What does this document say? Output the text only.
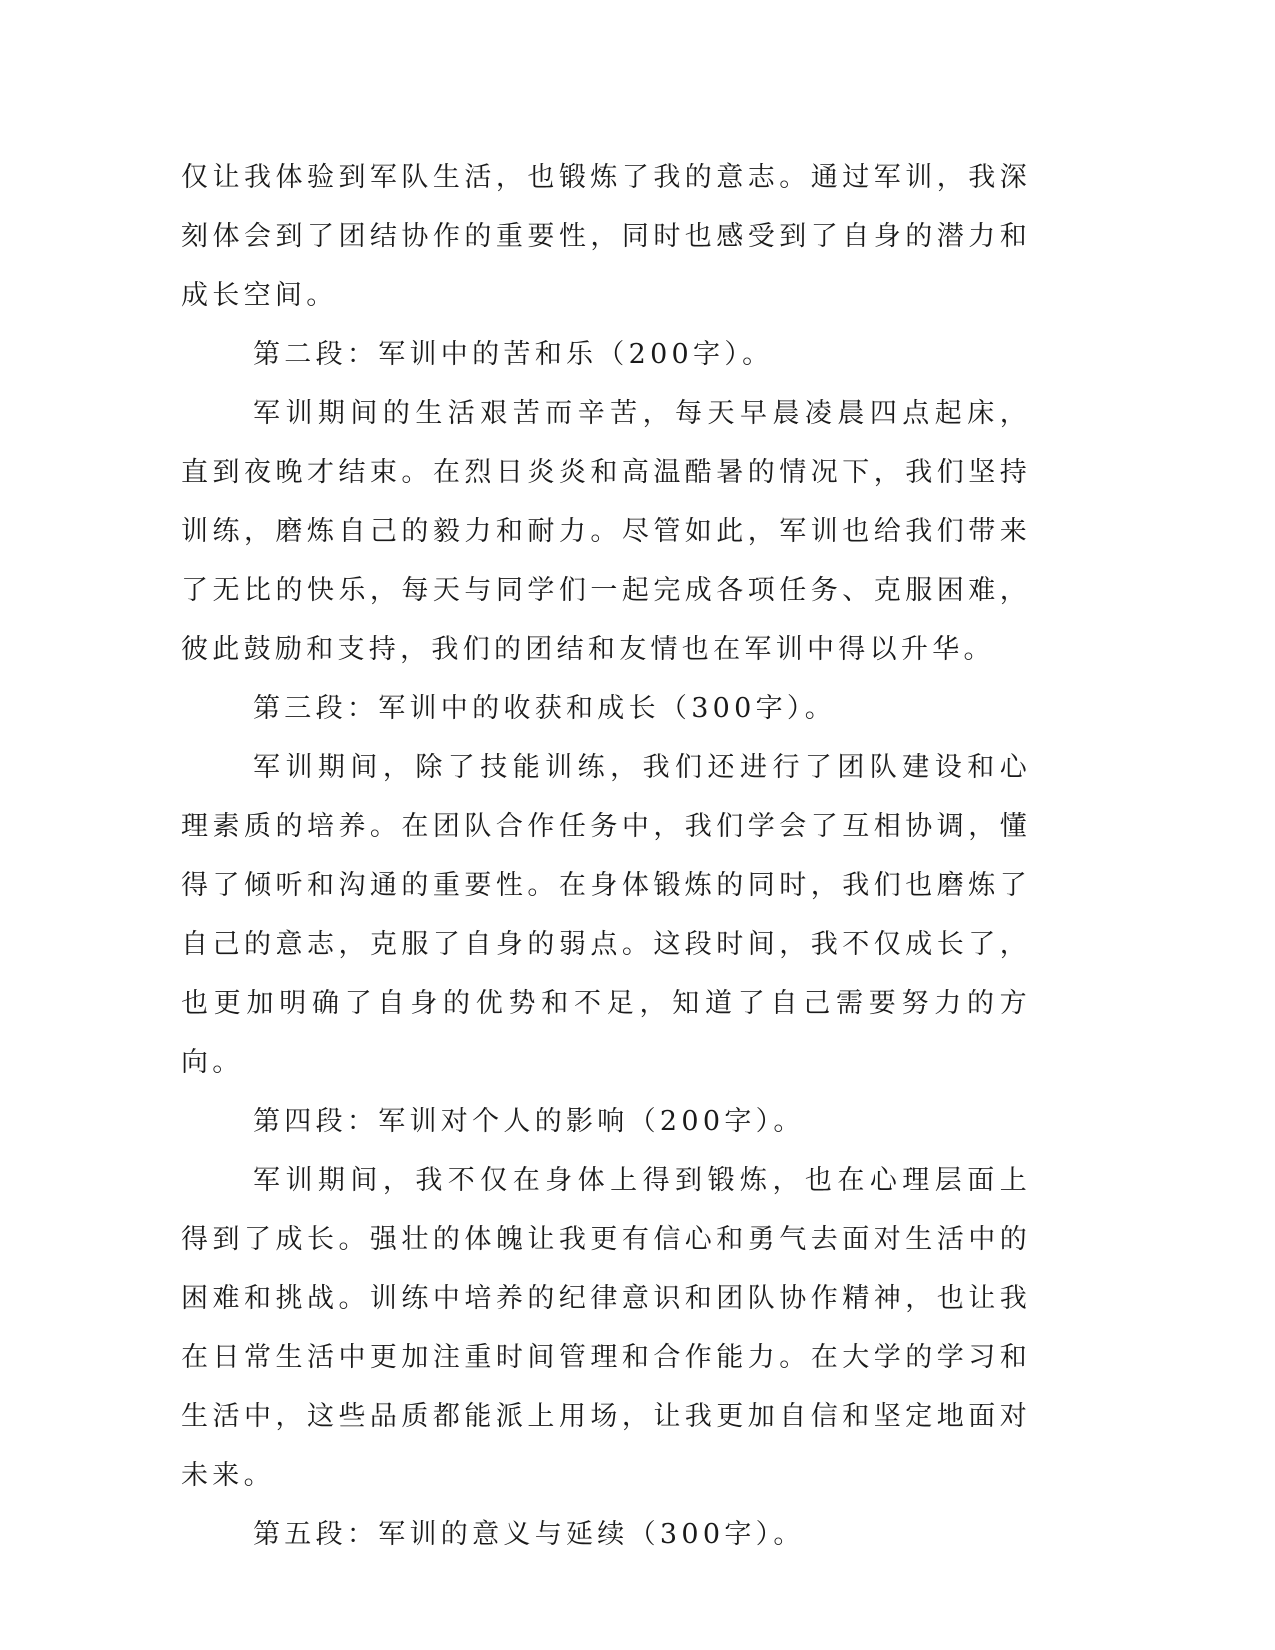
仅让我体验到军队生活，也锻炼了我的意志。通过军训，我深刻体会到了团结协作的重要性，同时也感受到了自身的潜力和成长空间。

第二段：军训中的苦和乐（200字）。

军训期间的生活艰苦而辛苦，每天早晨凌晨四点起床，直到夜晚才结束。在烈日炎炎和高温酷暑的情况下，我们坚持训练，磨炼自己的毅力和耐力。尽管如此，军训也给我们带来了无比的快乐，每天与同学们一起完成各项任务、克服困难，彼此鼓励和支持，我们的团结和友情也在军训中得以升华。

第三段：军训中的收获和成长（300字）。

军训期间，除了技能训练，我们还进行了团队建设和心理素质的培养。在团队合作任务中，我们学会了互相协调，懂得了倾听和沟通的重要性。在身体锻炼的同时，我们也磨炼了自己的意志，克服了自身的弱点。这段时间，我不仅成长了，也更加明确了自身的优势和不足，知道了自己需要努力的方向。

第四段：军训对个人的影响（200字）。

军训期间，我不仅在身体上得到锻炼，也在心理层面上得到了成长。强壮的体魄让我更有信心和勇气去面对生活中的困难和挑战。训练中培养的纪律意识和团队协作精神，也让我在日常生活中更加注重时间管理和合作能力。在大学的学习和生活中，这些品质都能派上用场，让我更加自信和坚定地面对未来。

第五段：军训的意义与延续（300字）。
